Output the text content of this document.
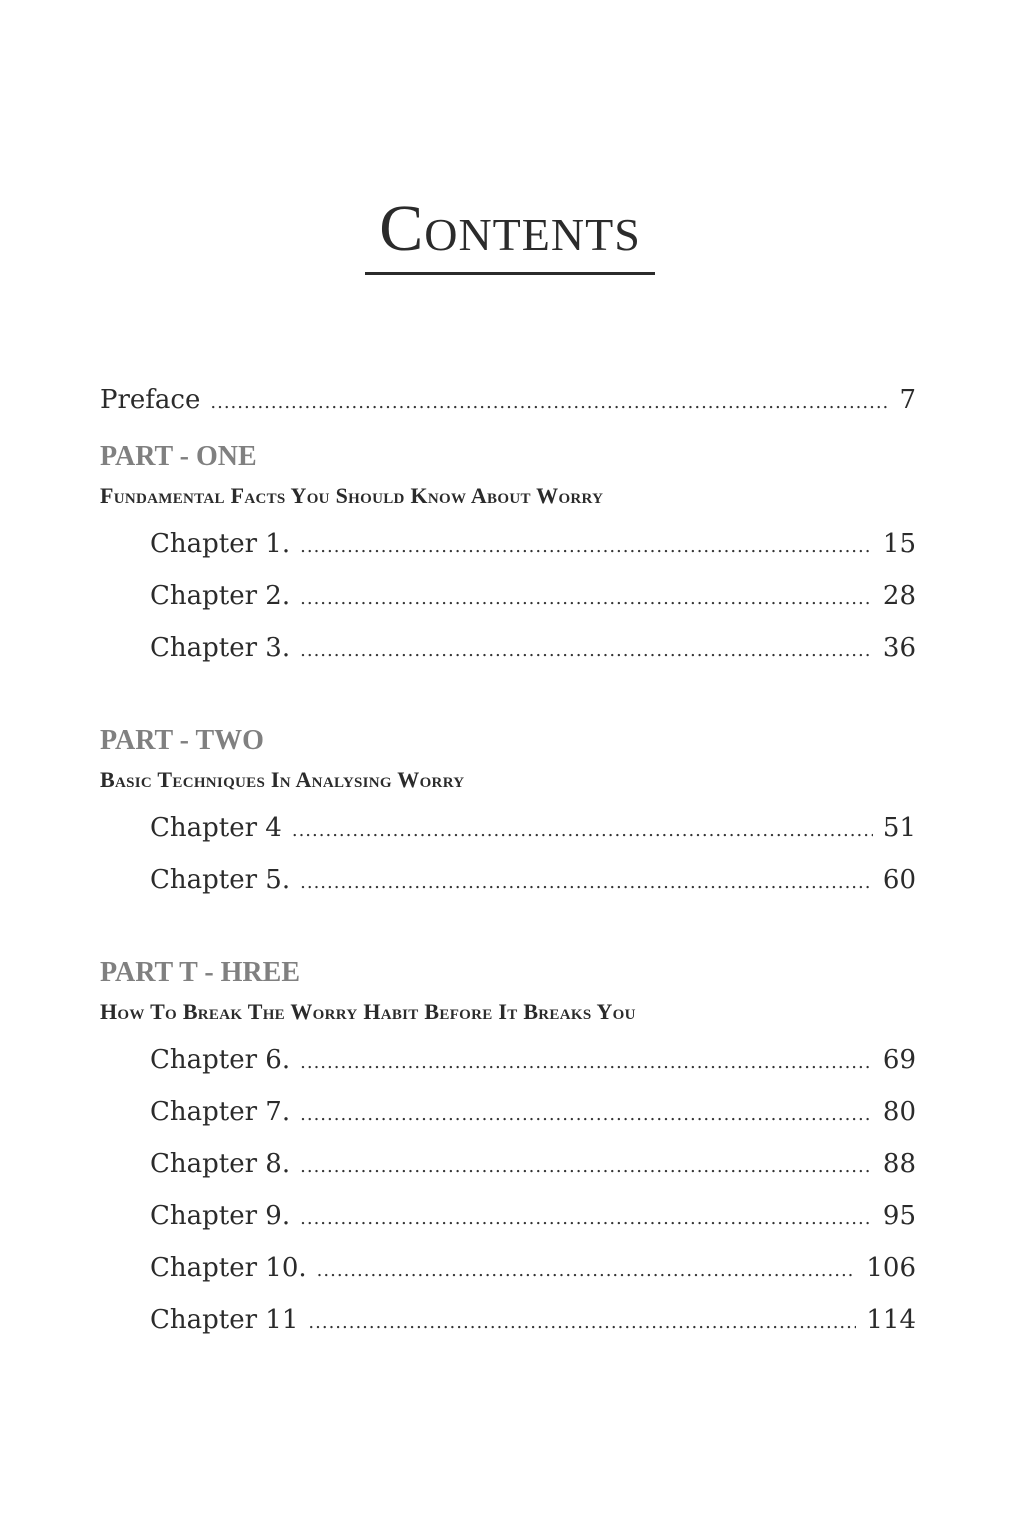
Contents
Preface .....	7
PART - ONE
Fundamental Facts You Should Know About Worry
Chapter 1. .....	15
Chapter 2. .....	28
Chapter 3. .....	36
PART - TWO
Basic Techniques In Analysing Worry
Chapter 4 .....	51
Chapter 5. .....	60
PART T - HREE
How To Break The Worry Habit Before It Breaks You
Chapter 6. .....	69
Chapter 7. .....	80
Chapter 8. .....	88
Chapter 9. .....	95
Chapter 10. .....	106
Chapter 11 .....	114
